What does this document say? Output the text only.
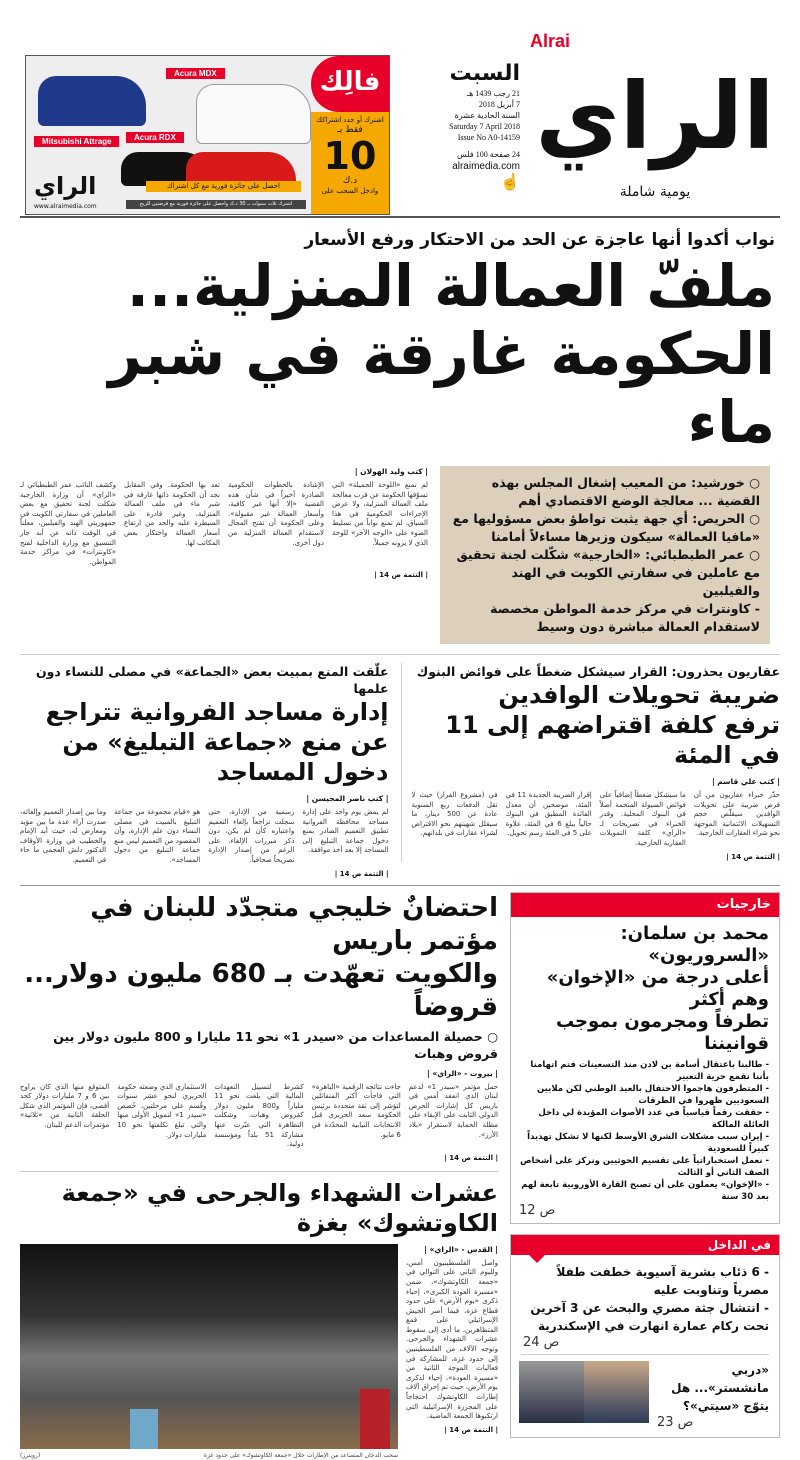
Alrai
الراي
يومية شاملة
السبت
21 رجب 1439 هـ
7 أبريل 2018
السنة الحادية عشرة
Saturday 7 April 2018
Issue No A0-14159
24 صفحة 100 فلس
alraimedia.com
☝
فالِك
اشترك أو جدد اشتراكك
فقط بـ
10
د.ك
وادخل السحب على
Acura MDX
Acura RDX
Mitsubishi Attrage
احصل على جائزة فورية مع كل اشتراك
اشترك ثلاث سنوات بـ 30 د.ك واحصل على جائزة فورية مع فرصتين للربح
الراي
www.alraimedia.com
نواب أكدوا أنها عاجزة عن الحد من الاحتكار ورفع الأسعار
ملفّ العمالة المنزلية...
الحكومة غارقة في شبر ماء
○ خورشيد: من المعيب إشغال المجلس بهذه القضية ... معالجة الوضع الاقتصادي أهم
○ الحريص: أي جهة يثبت تواطؤ بعض مسؤوليها مع «مافيا العمالة» سيكون وزيرها مساءلاً أمامنا
○ عمر الطبطبائي: «الخارجية» شكّلت لجنة تحقيق مع عاملين في سفارتي الكويت في الهند والفيلبين
- كاونترات في مركز خدمة المواطن مخصصة لاستقدام العمالة مباشرة دون وسيط
| كتب وليد الهولان |

لم تمنع «اللوحة الجميلة» التي تسوّقها الحكومة عن قرب معالجة ملف العمالة المنزلية، ولا عرض الإجراءات الحكومية في هذا السياق، لم تمنع نواباً من تسليط الضوء على «الوجه الآخر» للوحة الذي لا يرونه جميلاً.

الإشادة بالخطوات الحكومية الصادرة أخيراً في شأن هذه القضية «إلا أنها غير كافية، وأسعار العمالة غير مقبولة». وعلى الحكومة أن تفتح المجال لاستقدام العمالة المنزلية من دول أخرى.

تعد بها الحكومة. وفي المقابل نجد أن الحكومة ذاتها غارقة في شبر ماء في ملف العمالة المنزلية، وغير قادرة على السيطرة عليه والحد من ارتفاع أسعار العمالة واحتكار بعض المكاتب لها.

وكشف النائب عمر الطبطبائي لـ «الراي» أن وزارة الخارجية شكلت لجنة تحقيق مع بعض العاملين في سفارتي الكويت في جمهوريتي الهند والفيلبين، معلناً في الوقت ذاته عن أنه جار التنسيق مع وزارة الداخلية لفتح «كاونترات» في مراكز خدمة المواطن.

| التتمة ص 14 |
عقاريون يحذرون: القرار سيشكل ضغطاً على فوائض البنوك
ضريبة تحويلات الوافدين
ترفع كلفة اقتراضهم إلى 11 في المئة
| كتب علي قاسم |

حذّر خبراء عقاريون من أن فرض ضريبة على تحويلات الوافدين سيقلّص حجم التسهيلات الائتمانية الموجهة نحو شراء العقارات الخارجية.

ما سيشكل ضغطاً إضافياً على فوائض السيولة المتخمة أصلاً في البنوك المحلية. وقدر الخبراء في تصريحات لـ «الراي» كلفة التمويلات العقارية الخارجية.

إقرار الضريبة الجديدة 11 في المئة، موضحين أن معدل الفائدة المطبق في البنوك حالياً يبلغ 6 في المئة، علاوة على 5 في المئة رسم تحويل.

في (مشروع القرار) حيث لا تقل الدفعات ربع السنوية عادة عن 500 دينار، ما سيقلل شهيتهم نحو الاقتراض لشراء عقارات في بلدانهم.

| التتمة ص 14 |
علّقت المنع بمبيت بعض «الجماعة» في مصلى للنساء دون علمها
إدارة مساجد الفروانية تتراجع
عن منع «جماعة التبليغ» من دخول المساجد
| كتب ناصر المحيسن |

لم يمض يوم واحد على إدارة مساجد محافظة الفروانية تطبيق التعميم الصادر بمنع دخول جماعة التبليغ إلى المساجد إلا بعد أخذ موافقة.

رسمية من الإدارة، حتى سجلت تراجعاً بإلغاء التعميم واعتباره كأن لم يكن، دون ذكر مبررات الإلغاء، على الرغم من إصدار الإدارة تصريحاً صحافياً.

هو «قيام مجموعة من جماعة التبليغ بالمبيت في مصلى النساء دون علم الإدارة، وأن المقصود من التعميم ليس منع جماعة التبليغ من دخول المساجد».

وما بين إصدار التعميم وإلغائه، صدرت آراء عدة ما بين مؤيد ومعارض له، حيث أيد الإمام والخطيب في وزارة الأوقاف الدكتور دلش العجمي ما جاء في التعميم.

| التتمة ص 14 |
خارجيات
محمد بن سلمان: «السروريون»
أعلى درجة من «الإخوان» وهم أكثر
تطرفاً ومجرمون بموجب قوانيننا
- طالبنا باعتقال أسامة بن لادن منذ التسعينات فتم اتهامنا بأننا نقمع حرية التعبير
- المتطرفون هاجموا الاحتفال بالعيد الوطني لكن ملايين السعوديين ظهروا في الطرقات
- حققت رقماً قياسياً في عدد الأصوات المؤيدة لي داخل العائلة المالكة
- إيران سبب مشكلات الشرق الأوسط لكنها لا تشكل تهديداً كبيراً للسعودية
- نعمل استخباراتياً على تقسيم الحوثيين ونركز على أشخاص الصف الثاني أو الثالث
- «الإخوان» يعملون على أن تصبح القارة الأوروبية تابعة لهم بعد 30 سنة
ص 12
في الداخل
- 6 ذئاب بشرية آسيوية خطفت طفلاً مصرياً وتناوبت عليه
- انتشال جثة مصري والبحث عن 3 آخرين تحت ركام عمارة انهارت في الإسكندرية
ص 24
«دربي مانشستر»... هل يتوّج «سيتي»؟
ص 23
احتضانٌ خليجي متجدّد للبنان في مؤتمر باريس
والكويت تعهّدت بـ 680 مليون دولار... قروضاً
○ حصيلة المساعدات من «سيدر 1» نحو 11 مليارا و 800 مليون دولار بين قروض وهبات
| بيروت - «الراي» |

حمل مؤتمر «سيدر 1» لدعم لبنان الذي انعقد أمس في باريس كل إشارات الحرص الدولي الثابت على الإبقاء على مظلة الحماية لاستقرار «بلاد الأرز».

جاءت نتائجه الرقمية «الباهرة» التي فاجأت أكثر المتفائلين لتؤشر إلى ثقة متجددة برئيس الحكومة سعد الحريري قبل الانتخابات النيابية المحدّدة في 6 مايو.

كشرط لتسييل التعهدات المالية التي بلغت نحو 11 ملياراً و800 مليون دولار كقروض وهبات. وشكلت التظاهرة التي عبّرت عنها مشاركة 51 بلداً ومؤسسة دولية.

الاستثماري الذي وضعته حكومة الحريري لنحو عشر سنوات وقُسم على مرحلتين، خُصص «سيدر 1» لتمويل الأولى منها والتي تبلغ تكلفتها نحو 10 مليارات دولار.

المتوقع منها الذي كان يراوح بين 6 و 7 مليارات دولار كحد أقصى، فإن المؤتمر الذي شكل الحلقة الثانية من «ثلاثية» مؤتمرات الدعم للبنان.

| التتمة ص 14 |
عشرات الشهداء والجرحى في «جمعة الكاوتشوك» بغزة
| القدس - «الراي» |

واصل الفلسطينيون أمس، ولليوم الثاني على التوالي في «جمعة الكاوتشوك»، ضمن «مسيرة العودة الكبرى»، إحياء ذكرى «يوم الأرض» على حدود قطاع غزة، فيما أصر الجيش الإسرائيلي على قمع المتظاهرين، ما أدى إلى سقوط عشرات الشهداء والجرحى. وتوجه الآلاف من الفلسطينيين إلى حدود غزة، للمشاركة في فعاليات الموجة الثانية من «مسيرة العودة»، إحياء لذكرى يوم الأرض، حيث تم إحراق آلاف إطارات الكاوتشوك احتجاجاً على المجزرة الإسرائيلية التي ارتكبوها الجمعة الماضية.

| التتمة ص 14 |
سحب الدخان المتصاعد من الإطارات خلال «جمعة الكاوتشوك» على حدود غزة
(رويترز)
